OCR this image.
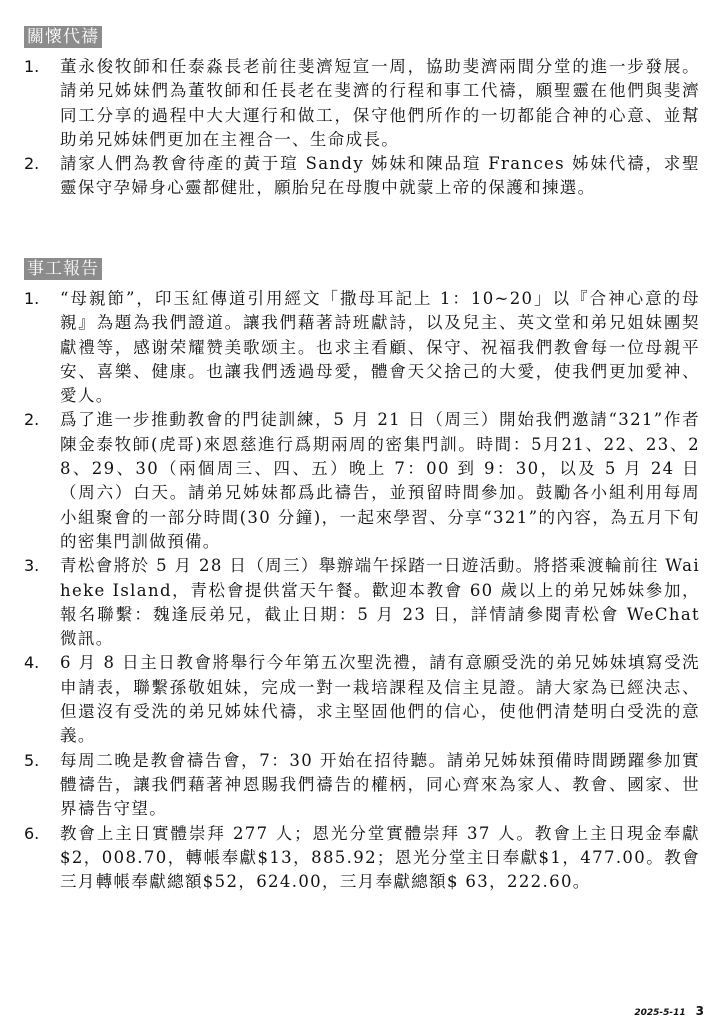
關懷代禱
1. 董永俊牧師和任泰淼長老前往斐濟短宣一周，協助斐濟兩間分堂的進一步發展。請弟兄姊妹們為董牧師和任長老在斐濟的行程和事工代禱，願聖靈在他們與斐濟同工分享的過程中大大運行和做工，保守他們所作的一切都能合神的心意、並幫助弟兄姊妹們更加在主裡合一、生命成長。
2. 請家人們為教會待產的黃于瑄 Sandy 姊妹和陳品瑄 Frances 姊妹代禱，求聖靈保守孕婦身心靈都健壯，願胎兒在母腹中就蒙上帝的保護和揀選。
事工報告
1. “母親節”，印玉紅傳道引用經文「撒母耳記上 1：10~20」以『合神心意的母親』為題為我們證道。讓我們藉著詩班獻詩，以及兒主、英文堂和弟兄姐妹團契獻禮等，感谢荣耀赞美歌颂主。也求主看顧、保守、祝福我們教會每一位母親平安、喜樂、健康。也讓我們透過母愛，體會天父捨己的大愛，使我們更加愛神、愛人。
2. 爲了進一步推動教會的門徒訓練，5 月 21 日（周三）開始我們邀請“321”作者陳金泰牧師(虎哥)來恩慈進行爲期兩周的密集門訓。時間：5月21、22、23、28、29、30（兩個周三、四、五）晚上 7：00 到 9：30，以及 5 月 24 日（周六）白天。請弟兄姊妹都爲此禱告，並預留時間參加。鼓勵各小組利用每周小組聚會的一部分時間(30 分鐘)，一起來學習、分享“321”的內容，為五月下旬的密集門訓做預備。
3. 青松會將於 5 月 28 日（周三）舉辦端午採踏一日遊活動。將搭乘渡輪前往 Waiheke Island，青松會提供當天午餐。歡迎本教會 60 歲以上的弟兄姊妹參加，報名聯繫：魏逢辰弟兄，截止日期：5 月 23 日，詳情請參閱青松會 WeChat 微訊。
4. 6 月 8 日主日教會將舉行今年第五次聖洗禮，請有意願受洗的弟兄姊妹填寫受洗申請表，聯繫孫敬姐妹，完成一對一栽培課程及信主見證。請大家為已經決志、但還沒有受洗的弟兄姊妹代禱，求主堅固他們的信心，使他們清楚明白受洗的意義。
5. 每周二晚是教會禱告會，7：30 开始在招待聽。請弟兄姊妹預備時間踴躍參加實體禱告，讓我們藉著神恩賜我們禱告的權柄，同心齊來為家人、教會、國家、世界禱告守望。
6. 教會上主日實體崇拜 277 人；恩光分堂實體崇拜 37 人。教會上主日現金奉獻$2，008.70，轉帳奉獻$13，885.92；恩光分堂主日奉獻$1，477.00。教會三月轉帳奉獻總額$52，624.00，三月奉獻總額$ 63，222.60。
2025-5-11 3
